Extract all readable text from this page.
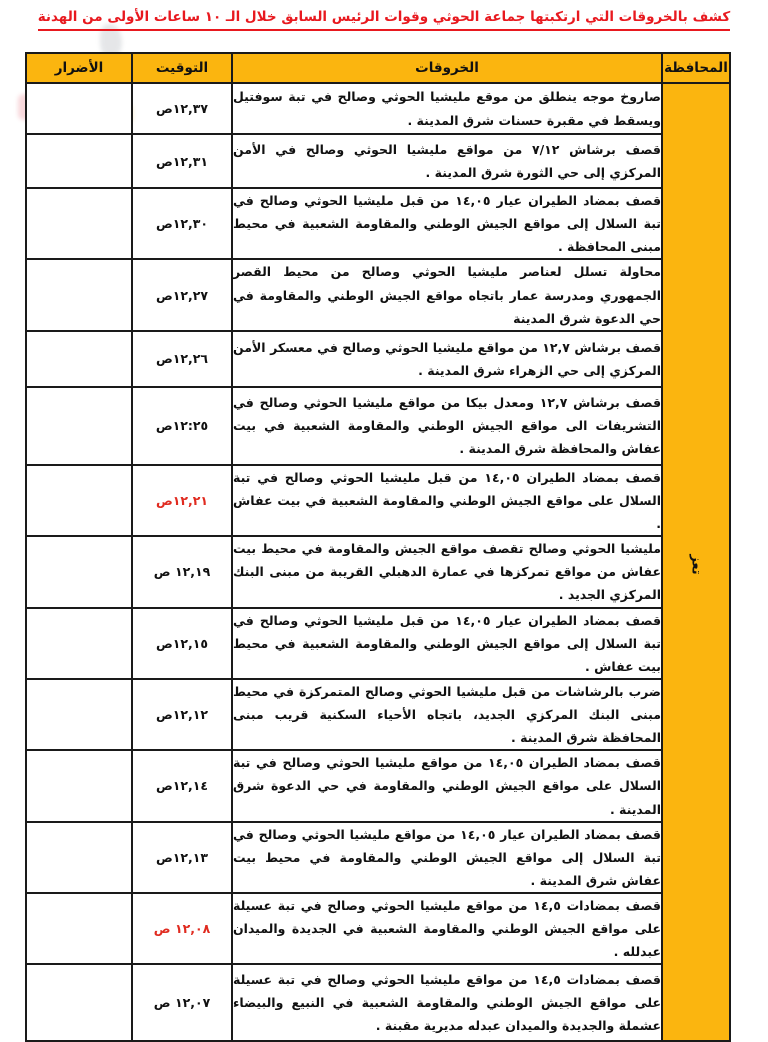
كشف بالخروقات التي ارتكبتها جماعة الحوثي وقوات الرئيس السابق خلال الـ ١٠ ساعات الأولى من الهدنة
المحافظة	الخروقات	التوقيت	الأضرار
تعز	صاروخ موجه ينطلق من موقع مليشيا الحوثي وصالح في تبة سوفتيل ويسقط في مقبرة حسنات شرق المدينة .	١٢,٣٧ص	
	قصف برشاش ٧/١٢ من مواقع مليشيا الحوثي وصالح في الأمن المركزي إلى حي الثورة شرق المدينة .	١٢,٣١ص	
	قصف بمضاد الطيران عيار ١٤,٠٥ من قبل مليشيا الحوثي وصالح في تبة السلال إلى مواقع الجيش الوطني والمقاومة الشعبية في محيط مبنى المحافظة .	١٢,٣٠ص	
	محاولة تسلل لعناصر مليشيا الحوثي وصالح من محيط القصر الجمهوري ومدرسة عمار باتجاه مواقع الجيش الوطني والمقاومة في حي الدعوة شرق المدينة	١٢,٢٧ص	
	قصف برشاش ١٢,٧ من مواقع مليشيا الحوثي وصالح في معسكر الأمن المركزي إلى حي الزهراء شرق المدينة .	١٢,٢٦ص	
	قصف برشاش ١٢,٧ ومعدل بيكا من مواقع مليشيا الحوثي وصالح في التشريفات الى مواقع الجيش الوطني والمقاومة الشعبية في بيت عفاش والمحافظة شرق المدينة .	١٢:٢٥ص	
	قصف بمضاد الطيران ١٤,٠٥ من قبل مليشيا الحوثي وصالح في تبة السلال على مواقع الجيش الوطني والمقاومة الشعبية في بيت عفاش .	١٢,٢١ص	
	مليشيا الحوثي وصالح تقصف مواقع الجيش والمقاومة في محيط بيت عفاش من مواقع تمركزها في عمارة الدهبلي القريبة من مبنى البنك المركزي الجديد .	١٢,١٩ ص	
	قصف بمضاد الطيران عيار ١٤,٠٥ من قبل مليشيا الحوثي وصالح في تبة السلال إلى مواقع الجيش الوطني والمقاومة الشعبية في محيط بيت عفاش .	١٢,١٥ص	
	ضرب بالرشاشات من قبل مليشيا الحوثي وصالح المتمركزة في محيط مبنى البنك المركزي الجديد، باتجاه الأحياء السكنية قريب مبنى المحافظة شرق المدينة .	١٢,١٢ص	
	قصف بمضاد الطيران ١٤,٠٥ من مواقع مليشيا الحوثي وصالح في تبة السلال على مواقع الجيش الوطني والمقاومة في حي الدعوة شرق المدينة .	١٢,١٤ص	
	قصف بمضاد الطيران عيار ١٤,٠٥ من مواقع مليشيا الحوثي وصالح في تبة السلال إلى مواقع الجيش الوطني والمقاومة في محيط بيت عفاش شرق المدينة .	١٢,١٣ص	
	قصف بمضادات ١٤,٥ من مواقع مليشيا الحوثي وصالح في تبة عسيلة على مواقع الجيش الوطني والمقاومة الشعبية في الجديدة والميدان عبدلله .	١٢,٠٨ ص	
	قصف بمضادات ١٤,٥ من مواقع مليشيا الحوثي وصالح في تبة عسيلة على مواقع الجيش الوطني والمقاومة الشعبية في النبيع والبيضاء عشملة والجديدة والميدان عبدله مديرية مقبنة .	١٢,٠٧ ص	
